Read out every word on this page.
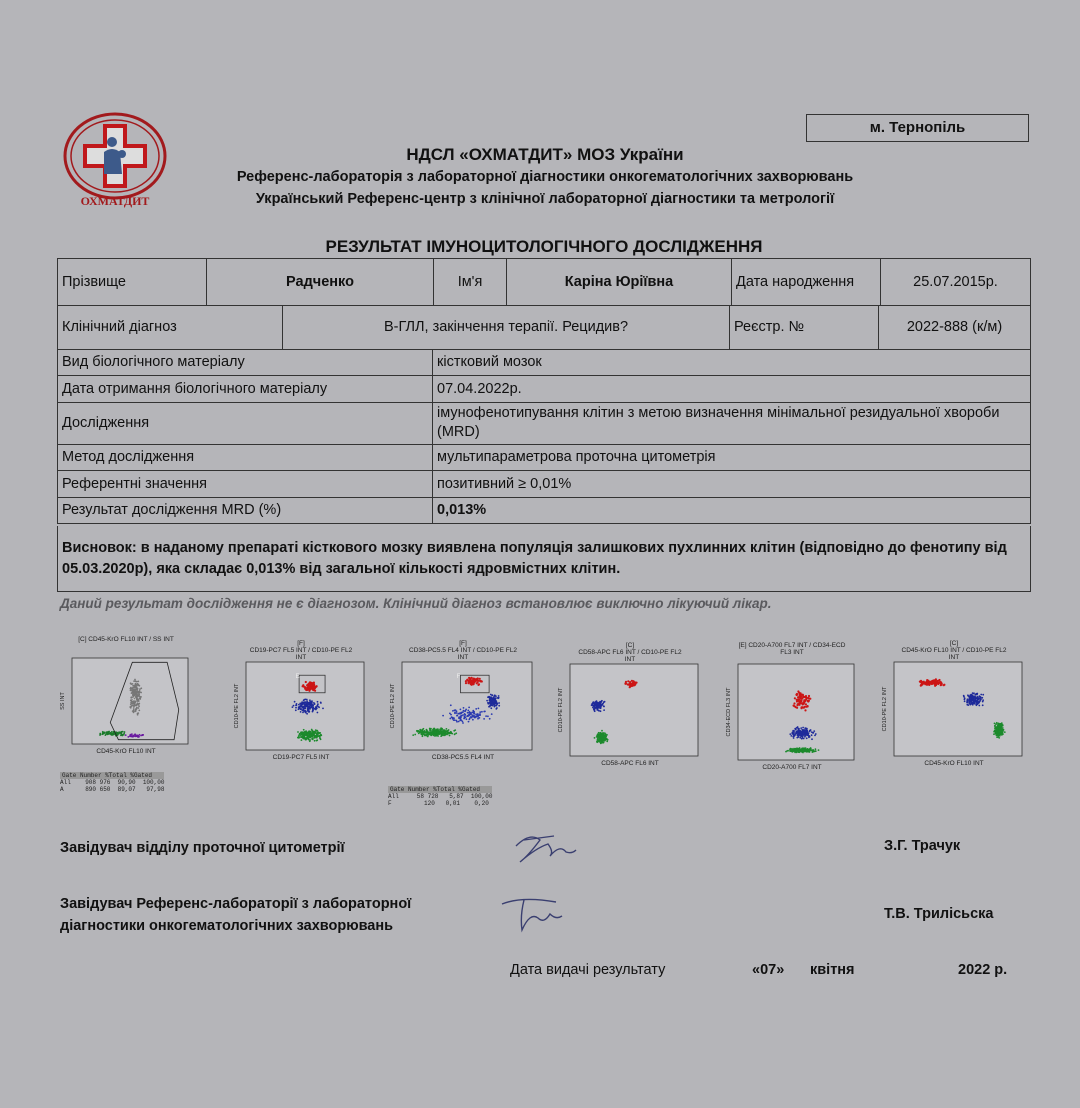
м. Тернопіль
ОХМАТДИТ
НДСЛ «ОХМАТДИТ» МОЗ України
Референс-лабораторія з лабораторної діагностики онкогематологічних захворювань
Український Референс-центр з клінічної лабораторної діагностики та метрології
РЕЗУЛЬТАТ ІМУНОЦИТОЛОГІЧНОГО ДОСЛІДЖЕННЯ
Прізвище	Радченко	Ім'я	Каріна Юріївна	Дата народження	25.07.2015р.
Клінічний діагноз	В-ГЛЛ, закінчення терапії. Рецидив?	Реєстр. №	2022-888 (к/м)
Вид біологічного матеріалу	кістковий мозок
Дата отримання біологічного матеріалу	07.04.2022р.
Дослідження	імунофенотипування клітин з метою визначення мінімальної резидуальної хвороби (MRD)
Метод дослідження	мультипараметрова проточна цитометрія
Референтні значення	позитивний ≥ 0,01%
Результат дослідження MRD (%)	0,013%
Висновок: в наданому препараті кісткового мозку виявлена популяція залишкових пухлинних клітин (відповідно до фенотипу від 05.03.2020р), яка складає 0,013% від загальної кількості ядровмістних клітин.
Даний результат дослідження не є діагнозом. Клінічний діагноз встановлює виключно лікуючий лікар.
[C] CD45-KrO FL10 INT / SS INT
A
SS INT
CD45-KrO FL10 INT
[F]
CD19-PC7 FL5 INT / CD10-PE FL2
INT
E
CD10-PE FL2 INT
CD19-PC7 FL5 INT
[F]
CD38-PC5.5 FL4 INT / CD10-PE FL2
INT
F
CD10-PE FL2 INT
CD38-PC5.5 FL4 INT
[C]
CD58-APC FL6 INT / CD10-PE FL2
INT
CD10-PE FL2 INT
CD58-APC FL6 INT
[E] CD20-A700 FL7 INT / CD34-ECD
FL3 INT
CD34-ECD FL3 INT
CD20-A700 FL7 INT
[C]
CD45-KrO FL10 INT / CD10-PE FL2
INT
CD10-PE FL2 INT
CD45-KrO FL10 INT
Gate Number %Total %Gated
All    908 976  90,90  100,00
A      890 650  89,07   97,98	Gate Number %Total %Gated
All     58 728   5,87  100,00
F         120   0,01    0,20
Завідувач відділу проточної цитометрії	З.Г. Трачук
Завідувач Референс-лабораторії з лабораторної
діагностики онкогематологічних захворювань
Т.В. Трилісьска
Дата видачі результату	«07» квітня	2022 р.
